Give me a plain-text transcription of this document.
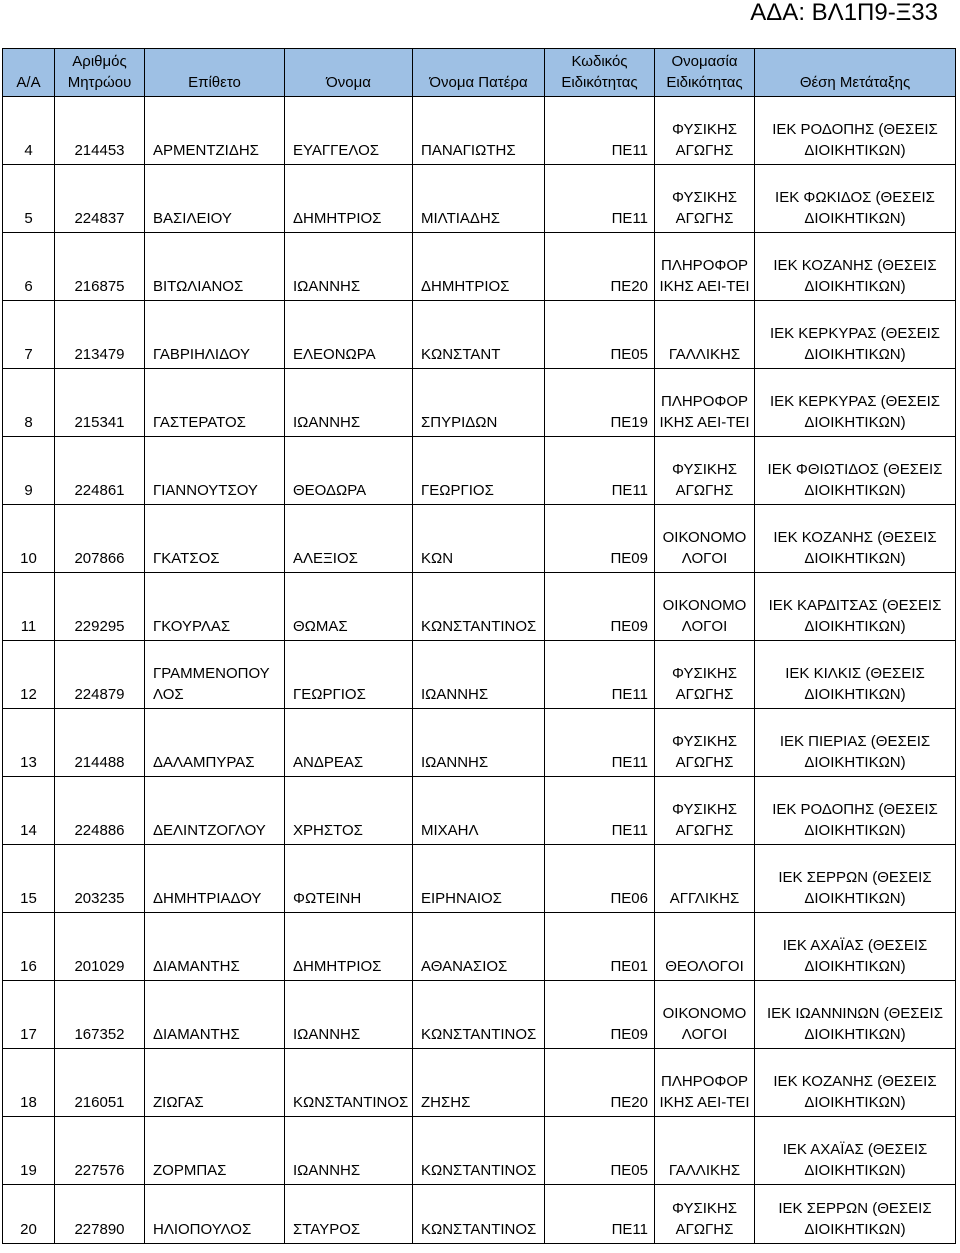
ΑΔΑ: ΒΛ1Π9-Ξ33
Α/Α	Αριθμός Μητρώου	Επίθετο	Όνομα	Όνομα Πατέρα	Κωδικός Ειδικότητας	Ονομασία Ειδικότητας	Θέση Μετάταξης
4	214453	ΑΡΜΕΝΤΖΙΔΗΣ	ΕΥΑΓΓΕΛΟΣ	ΠΑΝΑΓΙΩΤΗΣ	ΠΕ11	ΦΥΣΙΚΗΣ ΑΓΩΓΗΣ	ΙΕΚ ΡΟΔΟΠΗΣ (ΘΕΣΕΙΣ ΔΙΟΙΚΗΤΙΚΩΝ)
5	224837	ΒΑΣΙΛΕΙΟΥ	ΔΗΜΗΤΡΙΟΣ	ΜΙΛΤΙΑΔΗΣ	ΠΕ11	ΦΥΣΙΚΗΣ ΑΓΩΓΗΣ	ΙΕΚ ΦΩΚΙΔΟΣ (ΘΕΣΕΙΣ ΔΙΟΙΚΗΤΙΚΩΝ)
6	216875	ΒΙΤΩΛΙΑΝΟΣ	ΙΩΑΝΝΗΣ	ΔΗΜΗΤΡΙΟΣ	ΠΕ20	ΠΛΗΡΟΦΟΡ ΙΚΗΣ ΑΕΙ-ΤΕΙ	ΙΕΚ ΚΟΖΑΝΗΣ (ΘΕΣΕΙΣ ΔΙΟΙΚΗΤΙΚΩΝ)
7	213479	ΓΑΒΡΙΗΛΙΔΟΥ	ΕΛΕΟΝΩΡΑ	ΚΩΝΣΤΑΝΤ	ΠΕ05	ΓΑΛΛΙΚΗΣ	ΙΕΚ ΚΕΡΚΥΡΑΣ (ΘΕΣΕΙΣ ΔΙΟΙΚΗΤΙΚΩΝ)
8	215341	ΓΑΣΤΕΡΑΤΟΣ	ΙΩΑΝΝΗΣ	ΣΠΥΡΙΔΩΝ	ΠΕ19	ΠΛΗΡΟΦΟΡ ΙΚΗΣ ΑΕΙ-ΤΕΙ	ΙΕΚ ΚΕΡΚΥΡΑΣ (ΘΕΣΕΙΣ ΔΙΟΙΚΗΤΙΚΩΝ)
9	224861	ΓΙΑΝΝΟΥΤΣΟΥ	ΘΕΟΔΩΡΑ	ΓΕΩΡΓΙΟΣ	ΠΕ11	ΦΥΣΙΚΗΣ ΑΓΩΓΗΣ	ΙΕΚ ΦΘΙΩΤΙΔΟΣ (ΘΕΣΕΙΣ ΔΙΟΙΚΗΤΙΚΩΝ)
10	207866	ΓΚΑΤΣΟΣ	ΑΛΕΞΙΟΣ	ΚΩΝ	ΠΕ09	ΟΙΚΟΝΟΜΟ ΛΟΓΟΙ	ΙΕΚ ΚΟΖΑΝΗΣ (ΘΕΣΕΙΣ ΔΙΟΙΚΗΤΙΚΩΝ)
11	229295	ΓΚΟΥΡΛΑΣ	ΘΩΜΑΣ	ΚΩΝΣΤΑΝΤΙΝΟΣ	ΠΕ09	ΟΙΚΟΝΟΜΟ ΛΟΓΟΙ	ΙΕΚ ΚΑΡΔΙΤΣΑΣ (ΘΕΣΕΙΣ ΔΙΟΙΚΗΤΙΚΩΝ)
12	224879	ΓΡΑΜΜΕΝΟΠΟΥ ΛΟΣ	ΓΕΩΡΓΙΟΣ	ΙΩΑΝΝΗΣ	ΠΕ11	ΦΥΣΙΚΗΣ ΑΓΩΓΗΣ	ΙΕΚ ΚΙΛΚΙΣ (ΘΕΣΕΙΣ ΔΙΟΙΚΗΤΙΚΩΝ)
13	214488	ΔΑΛΑΜΠΥΡΑΣ	ΑΝΔΡΕΑΣ	ΙΩΑΝΝΗΣ	ΠΕ11	ΦΥΣΙΚΗΣ ΑΓΩΓΗΣ	ΙΕΚ ΠΙΕΡΙΑΣ (ΘΕΣΕΙΣ ΔΙΟΙΚΗΤΙΚΩΝ)
14	224886	ΔΕΛΙΝΤΖΟΓΛΟΥ	ΧΡΗΣΤΟΣ	ΜΙΧΑΗΛ	ΠΕ11	ΦΥΣΙΚΗΣ ΑΓΩΓΗΣ	ΙΕΚ ΡΟΔΟΠΗΣ (ΘΕΣΕΙΣ ΔΙΟΙΚΗΤΙΚΩΝ)
15	203235	ΔΗΜΗΤΡΙΑΔΟΥ	ΦΩΤΕΙΝΗ	ΕΙΡΗΝΑΙΟΣ	ΠΕ06	ΑΓΓΛΙΚΗΣ	ΙΕΚ ΣΕΡΡΩΝ (ΘΕΣΕΙΣ ΔΙΟΙΚΗΤΙΚΩΝ)
16	201029	ΔΙΑΜΑΝΤΗΣ	ΔΗΜΗΤΡΙΟΣ	ΑΘΑΝΑΣΙΟΣ	ΠΕ01	ΘΕΟΛΟΓΟΙ	ΙΕΚ ΑΧΑΪΑΣ (ΘΕΣΕΙΣ ΔΙΟΙΚΗΤΙΚΩΝ)
17	167352	ΔΙΑΜΑΝΤΗΣ	ΙΩΑΝΝΗΣ	ΚΩΝΣΤΑΝΤΙΝΟΣ	ΠΕ09	ΟΙΚΟΝΟΜΟ ΛΟΓΟΙ	ΙΕΚ ΙΩΑΝΝΙΝΩΝ (ΘΕΣΕΙΣ ΔΙΟΙΚΗΤΙΚΩΝ)
18	216051	ΖΙΩΓΑΣ	ΚΩΝΣΤΑΝΤΙΝΟΣ	ΖΗΣΗΣ	ΠΕ20	ΠΛΗΡΟΦΟΡ ΙΚΗΣ ΑΕΙ-ΤΕΙ	ΙΕΚ ΚΟΖΑΝΗΣ (ΘΕΣΕΙΣ ΔΙΟΙΚΗΤΙΚΩΝ)
19	227576	ΖΟΡΜΠΑΣ	ΙΩΑΝΝΗΣ	ΚΩΝΣΤΑΝΤΙΝΟΣ	ΠΕ05	ΓΑΛΛΙΚΗΣ	ΙΕΚ ΑΧΑΪΑΣ (ΘΕΣΕΙΣ ΔΙΟΙΚΗΤΙΚΩΝ)
20	227890	ΗΛΙΟΠΟΥΛΟΣ	ΣΤΑΥΡΟΣ	ΚΩΝΣΤΑΝΤΙΝΟΣ	ΠΕ11	ΦΥΣΙΚΗΣ ΑΓΩΓΗΣ	ΙΕΚ ΣΕΡΡΩΝ (ΘΕΣΕΙΣ ΔΙΟΙΚΗΤΙΚΩΝ)
